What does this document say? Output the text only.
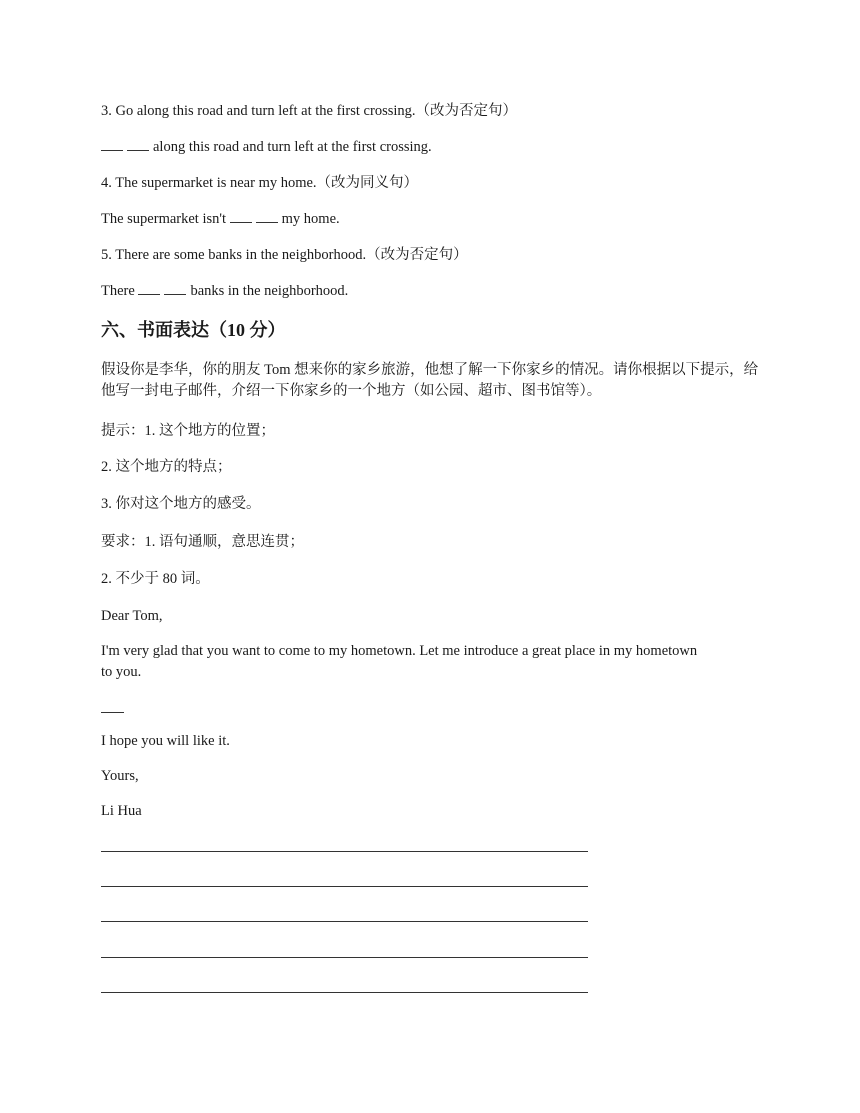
3. Go along this road and turn left at the first crossing.（改为否定句）
along this road and turn left at the first crossing.
4. The supermarket is near my home.（改为同义句）
The supermarket isn't	my home.
5. There are some banks in the neighborhood.（改为否定句）
There	banks in the neighborhood.
六、书面表达（10 分）
假设你是李华，你的朋友 Tom 想来你的家乡旅游，他想了解一下你家乡的情况。请你根据以下提示，给他写一封电子邮件，介绍一下你家乡的一个地方（如公园、超市、图书馆等）。
提示：1. 这个地方的位置；
2. 这个地方的特点；
3. 你对这个地方的感受。
要求：1. 语句通顺，意思连贯；
2. 不少于 80 词。
Dear Tom,
I'm very glad that you want to come to my hometown. Let me introduce a great place in my hometown to you.
I hope you will like it.
Yours,
Li Hua
